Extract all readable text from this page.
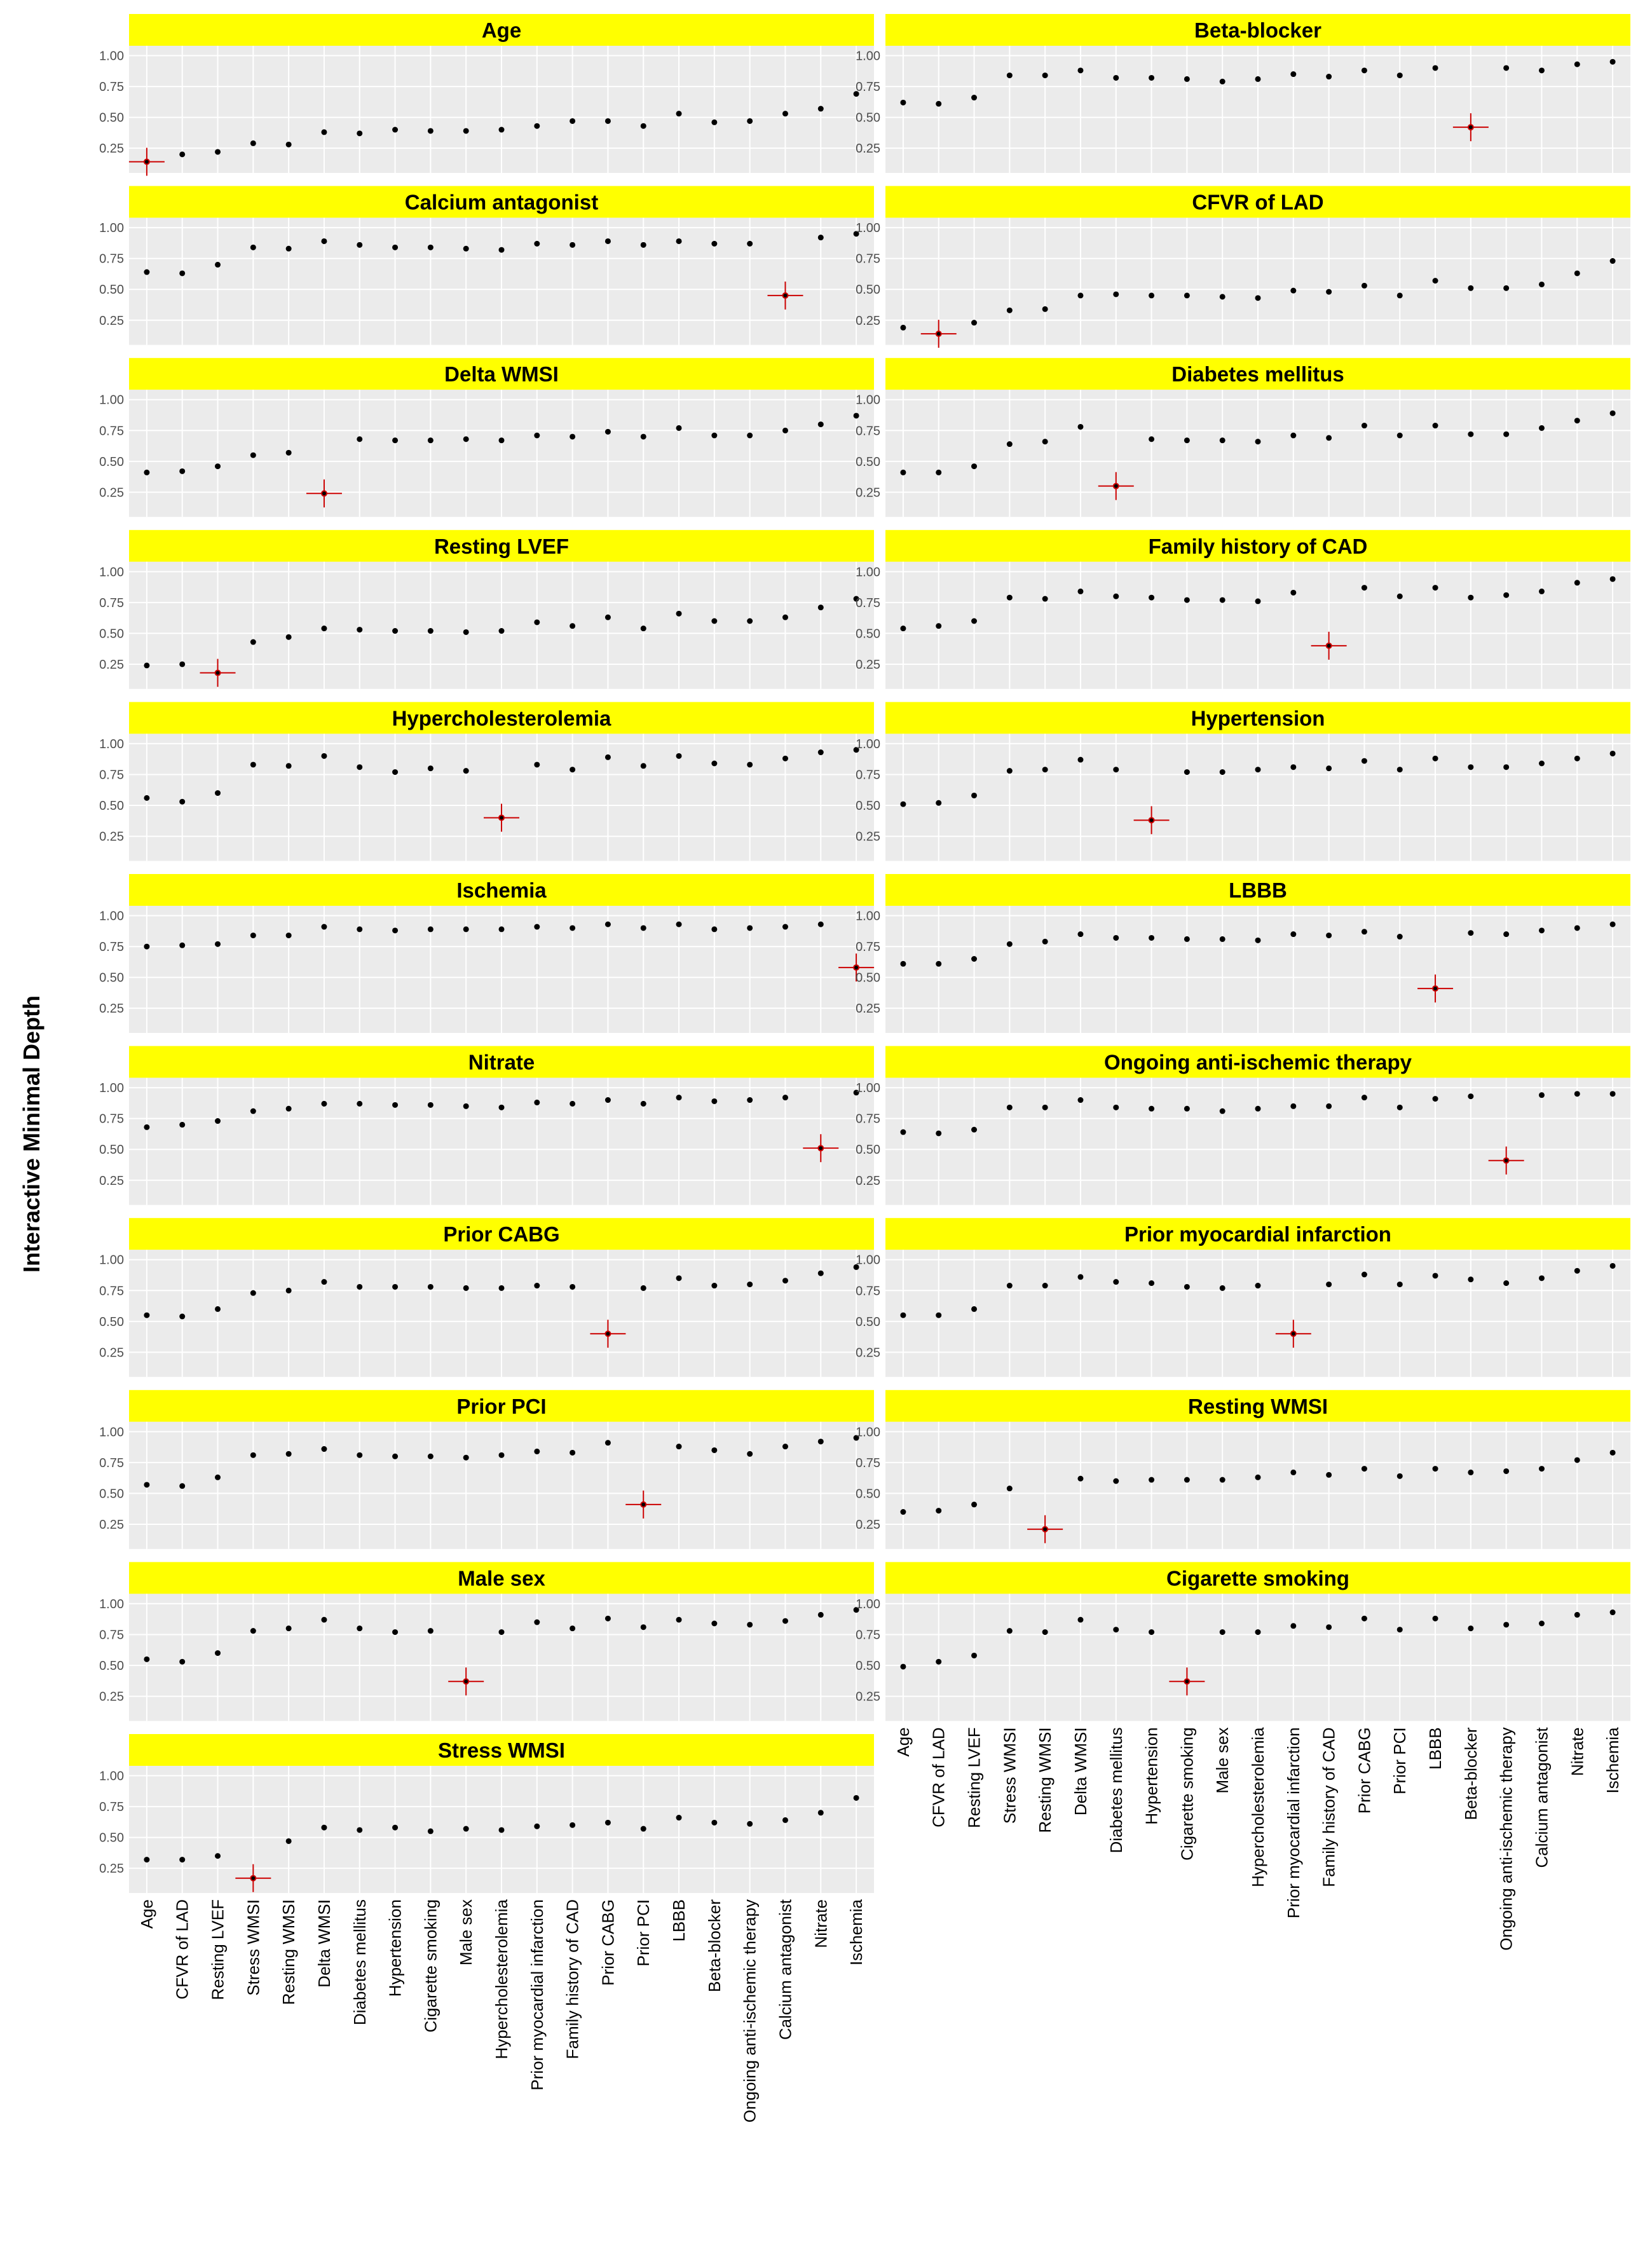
Age
1.00
0.75
0.50
0.25
Beta-blocker
1.00
0.75
0.50
0.25
Calcium antagonist
1.00
0.75
0.50
0.25
CFVR of LAD
1.00
0.75
0.50
0.25
Delta WMSI
1.00
0.75
0.50
0.25
Diabetes mellitus
1.00
0.75
0.50
0.25
Resting LVEF
1.00
0.75
0.50
0.25
Family history of CAD
1.00
0.75
0.50
0.25
Hypercholesterolemia
1.00
0.75
0.50
0.25
Hypertension
1.00
0.75
0.50
0.25
Ischemia
1.00
0.75
0.50
0.25
LBBB
1.00
0.75
0.50
0.25
Nitrate
1.00
0.75
0.50
0.25
Ongoing anti-ischemic therapy
1.00
0.75
0.50
0.25
Prior CABG
1.00
0.75
0.50
0.25
Prior myocardial infarction
1.00
0.75
0.50
0.25
Prior PCI
1.00
0.75
0.50
0.25
Resting WMSI
1.00
0.75
0.50
0.25
Male sex
1.00
0.75
0.50
0.25
Cigarette smoking
1.00
0.75
0.50
0.25
Stress WMSI
1.00
0.75
0.50
0.25
Age CFVR of LAD Resting LVEF Stress WMSI Resting WMSI Delta WMSI Diabetes mellitus Hypertension Cigarette smoking Male sex Hypercholesterolemia Prior myocardial infarction Family history of CAD Prior CABG Prior PCI LBBB Beta-blocker Ongoing anti-ischemic therapy Calcium antagonist Nitrate Ischemia
Age CFVR of LAD Resting LVEF Stress WMSI Resting WMSI Delta WMSI Diabetes mellitus Hypertension Cigarette smoking Male sex Hypercholesterolemia Prior myocardial infarction Family history of CAD Prior CABG Prior PCI LBBB Beta-blocker Ongoing anti-ischemic therapy Calcium antagonist Nitrate Ischemia
Interactive Minimal Depth
